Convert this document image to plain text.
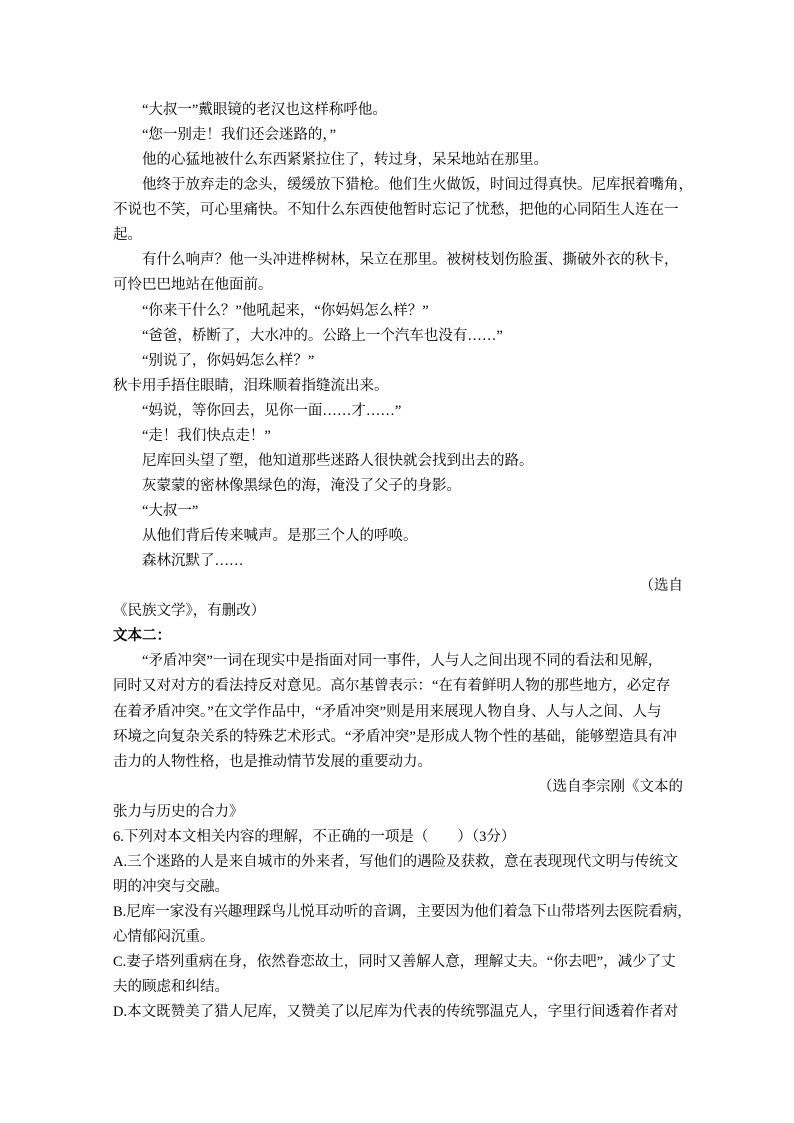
“大叔一”戴眼镜的老汉也这样称呼他。
“您一别走！我们还会迷路的，”
他的心猛地被什么东西紧紧拉住了，转过身，呆呆地站在那里。
他终于放弃走的念头，缓缓放下猎枪。他们生火做饭，时间过得真快。尼库抿着嘴角，
不说也不笑，可心里痛快。不知什么东西使他暂时忘记了忧愁，把他的心同陌生人连在一
起。
有什么响声？他一头冲进桦树林，呆立在那里。被树枝划伤脸蛋、撕破外衣的秋卡，
可怜巴巴地站在他面前。
“你来干什么？”他吼起来，“你妈妈怎么样？”
“爸爸，桥断了，大水冲的。公路上一个汽车也没有……”
“别说了，你妈妈怎么样？”
秋卡用手捂住眼睛，泪珠顺着指缝流出来。
“妈说，等你回去，见你一面……才……”
“走！我们快点走！”
尼库回头望了塑，他知道那些迷路人很快就会找到出去的路。
灰蒙蒙的密林像黑绿色的海，淹没了父子的身影。
“大叔一”
从他们背后传来喊声。是那三个人的呼唤。
森林沉默了……
（选自
《民族文学》，有删改）
文本二：
“矛盾冲突”一词在现实中是指面对同一事件，人与人之间出现不同的看法和见解，
同时又对对方的看法持反对意见。高尔基曾表示：“在有着鲜明人物的那些地方，必定存
在着矛盾冲突。”在文学作品中，“矛盾冲突”则是用来展现人物自身、人与人之间、人与
环境之向复杂关系的特殊艺术形式。“矛盾冲突”是形成人物个性的基础，能够塑造具有冲
击力的人物性格，也是推动情节发展的重要动力。
（选自李宗刚《文本的
张力与历史的合力》
6.下列对本文相关内容的理解，不正确的一项是（　　）（3分）
A.三个迷路的人是来自城市的外来者，写他们的遇险及获救，意在表现现代文明与传统文
明的冲突与交融。
B.尼库一家没有兴趣理踩鸟儿悦耳动听的音调，主要因为他们着急下山带塔列去医院看病，
心情郁闷沉重。
C.妻子塔列重病在身，依然眷恋故土，同时又善解人意，理解丈夫。“你去吧”，减少了丈
夫的顾虑和纠结。
D.本文既赞美了猎人尼库，又赞美了以尼库为代表的传统鄂温克人，字里行间透着作者对
